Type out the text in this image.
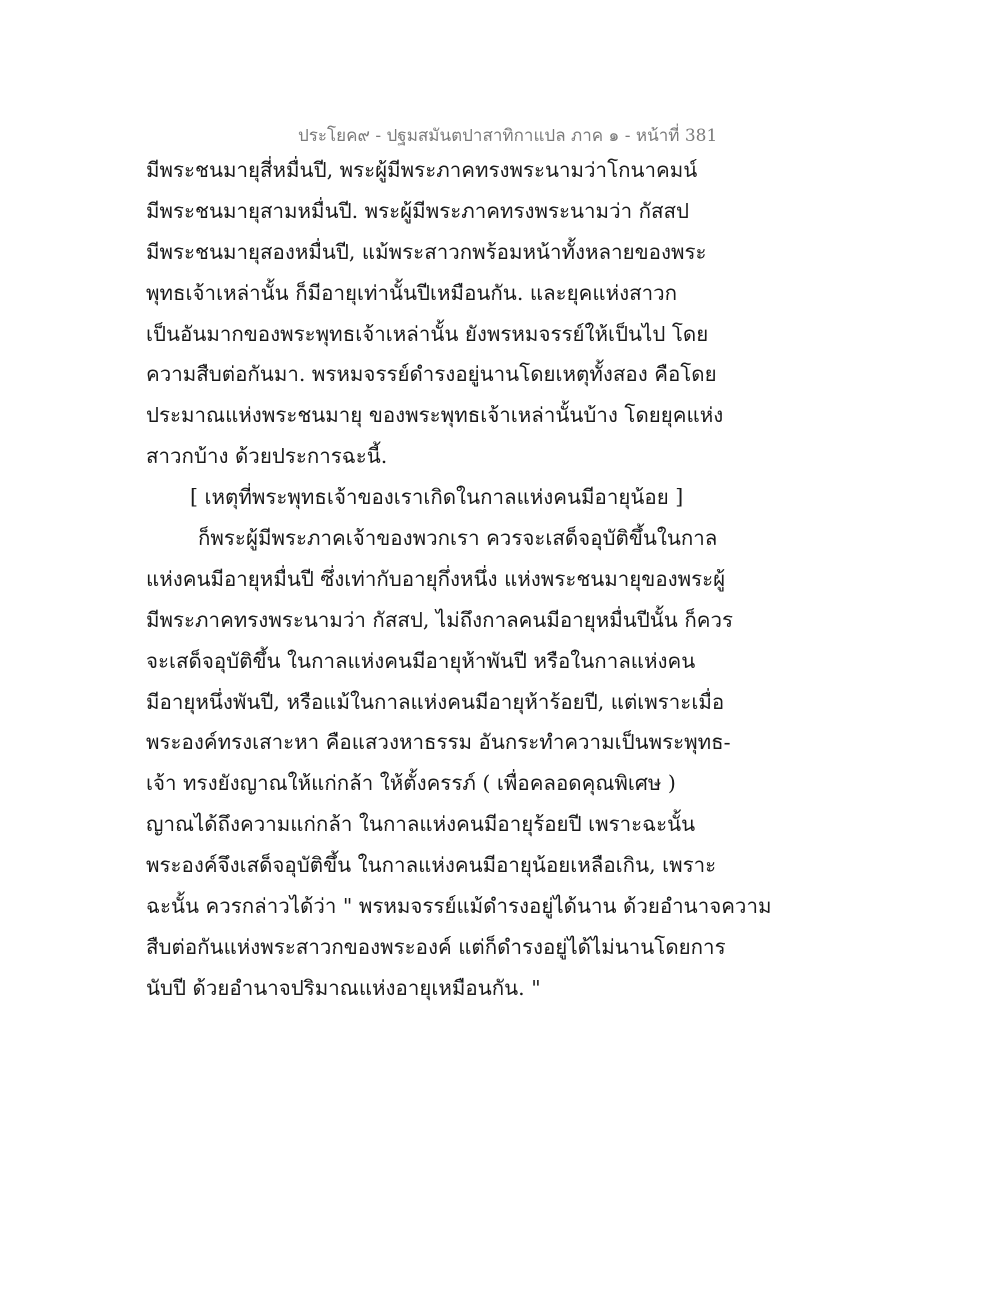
ประโยค๙ - ปฐมสมันตปาสาทิกาแปล ภาค ๑ - หน้าที่ 381
มีพระชนมายุสี่หมื่นปี, พระผู้มีพระภาคทรงพระนามว่าโกนาคมน์
มีพระชนมายุสามหมื่นปี. พระผู้มีพระภาคทรงพระนามว่า กัสสป
มีพระชนมายุสองหมื่นปี, แม้พระสาวกพร้อมหน้าทั้งหลายของพระ
พุทธเจ้าเหล่านั้น ก็มีอายุเท่านั้นปีเหมือนกัน. และยุคแห่งสาวก
เป็นอันมากของพระพุทธเจ้าเหล่านั้น ยังพรหมจรรย์ให้เป็นไป โดย
ความสืบต่อกันมา. พรหมจรรย์ดำรงอยู่นานโดยเหตุทั้งสอง คือโดย
ประมาณแห่งพระชนมายุ ของพระพุทธเจ้าเหล่านั้นบ้าง โดยยุคแห่ง
สาวกบ้าง ด้วยประการฉะนี้.
[ เหตุที่พระพุทธเจ้าของเราเกิดในกาลแห่งคนมีอายุน้อย ]
ก็พระผู้มีพระภาคเจ้าของพวกเรา ควรจะเสด็จอุบัติขึ้นในกาล
แห่งคนมีอายุหมื่นปี ซึ่งเท่ากับอายุกึ่งหนึ่ง แห่งพระชนมายุของพระผู้
มีพระภาคทรงพระนามว่า กัสสป, ไม่ถึงกาลคนมีอายุหมื่นปีนั้น ก็ควร
จะเสด็จอุบัติขึ้น ในกาลแห่งคนมีอายุห้าพันปี หรือในกาลแห่งคน
มีอายุหนึ่งพันปี, หรือแม้ในกาลแห่งคนมีอายุห้าร้อยปี, แต่เพราะเมื่อ
พระองค์ทรงเสาะหา คือแสวงหาธรรม อันกระทำความเป็นพระพุทธ-
เจ้า ทรงยังญาณให้แก่กล้า ให้ตั้งครรภ์ ( เพื่อคลอดคุณพิเศษ )
ญาณได้ถึงความแก่กล้า ในกาลแห่งคนมีอายุร้อยปี เพราะฉะนั้น
พระองค์จึงเสด็จอุบัติขึ้น ในกาลแห่งคนมีอายุน้อยเหลือเกิน, เพราะ
ฉะนั้น ควรกล่าวได้ว่า " พรหมจรรย์แม้ดำรงอยู่ได้นาน ด้วยอำนาจความ
สืบต่อกันแห่งพระสาวกของพระองค์ แต่ก็ดำรงอยู่ได้ไม่นานโดยการ
นับปี ด้วยอำนาจปริมาณแห่งอายุเหมือนกัน. "
